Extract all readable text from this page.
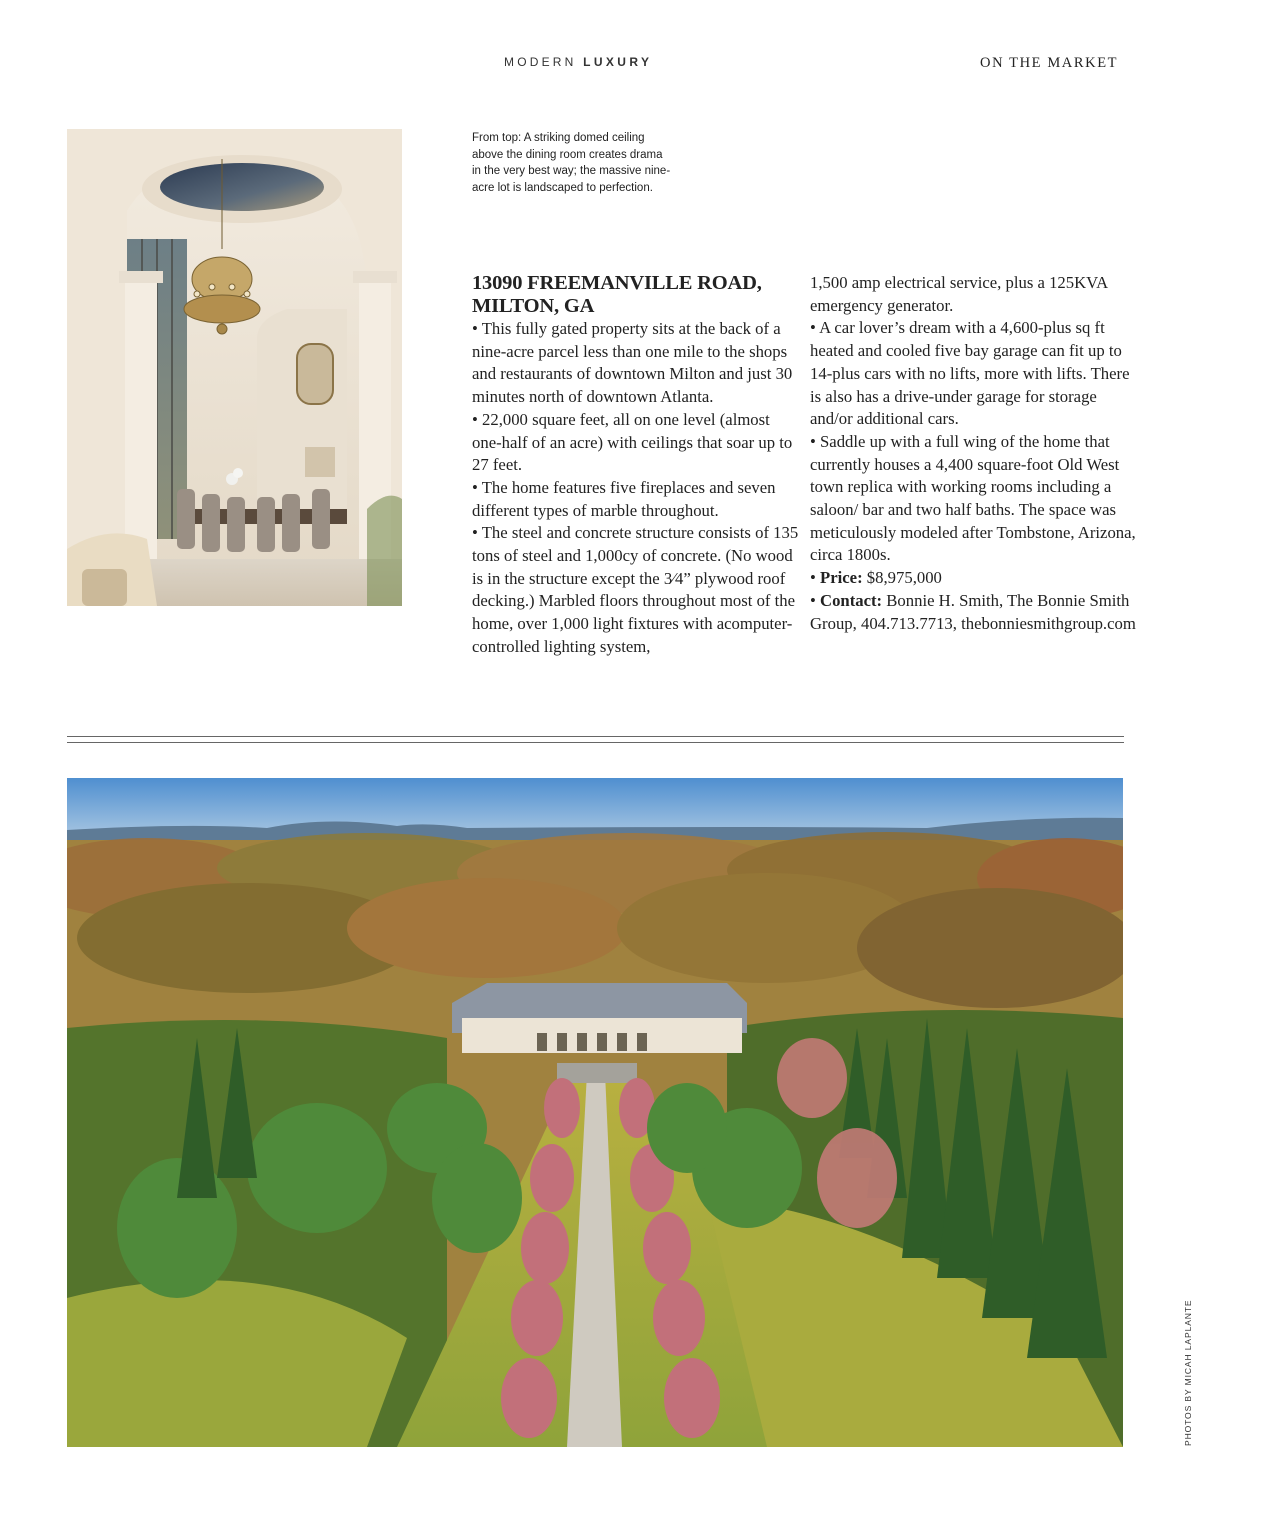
MODERN LUXURY	ON THE MARKET
From top: A striking domed ceiling above the dining room creates drama in the very best way; the massive nine-acre lot is landscaped to perfection.
13090 FREEMANVILLE ROAD,
MILTON, GA

• This fully gated property sits at the back of a nine-acre parcel less than one mile to the shops and restaurants of downtown Milton and just 30 minutes north of downtown Atlanta.

• 22,000 square feet, all on one level (almost one-half of an acre) with ceilings that soar up to 27 feet.

• The home features five fireplaces and seven different types of marble throughout.

• The steel and concrete structure consists of 135 tons of steel and 1,000cy of concrete. (No wood is in the structure except the 3⁄4” plywood roof decking.) Marbled floors throughout most of the home, over 1,000 light fixtures with acomputer-controlled lighting system,

1,500 amp electrical service, plus a 125KVA emergency generator.

• A car lover’s dream with a 4,600-plus sq ft heated and cooled five bay garage can fit up to 14-plus cars with no lifts, more with lifts. There is also has a drive-under garage for storage and/or additional cars.

• Saddle up with a full wing of the home that currently houses a 4,400 square-foot Old West town replica with working rooms including a saloon/ bar and two half baths. The space was meticulously modeled after Tombstone, Arizona, circa 1800s.

• Price: $8,975,000

• Contact: Bonnie H. Smith, The Bonnie Smith Group, 404.713.7713, thebonniesmithgroup.com

PHOTOS BY MICAH LAPLANTE
